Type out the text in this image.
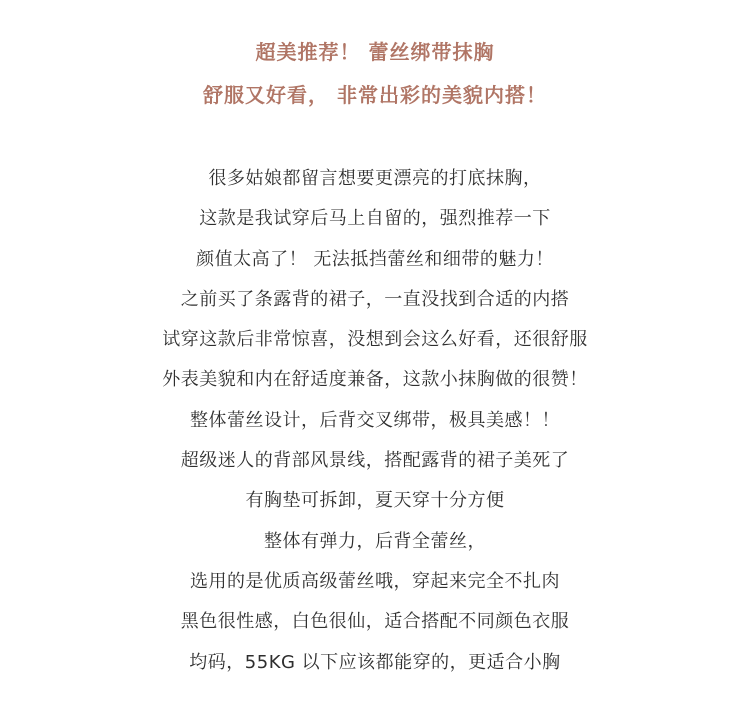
超美推荐！ 蕾丝绑带抹胸
舒服又好看， 非常出彩的美貌内搭！
很多姑娘都留言想要更漂亮的打底抹胸，
这款是我试穿后马上自留的，强烈推荐一下
颜值太高了！ 无法抵挡蕾丝和细带的魅力！
之前买了条露背的裙子，一直没找到合适的内搭
试穿这款后非常惊喜，没想到会这么好看，还很舒服
外表美貌和内在舒适度兼备，这款小抹胸做的很赞！
整体蕾丝设计，后背交叉绑带，极具美感！！
超级迷人的背部风景线，搭配露背的裙子美死了
有胸垫可拆卸，夏天穿十分方便
整体有弹力，后背全蕾丝，
选用的是优质高级蕾丝哦，穿起来完全不扎肉
黑色很性感，白色很仙，适合搭配不同颜色衣服
均码，55KG 以下应该都能穿的，更适合小胸
